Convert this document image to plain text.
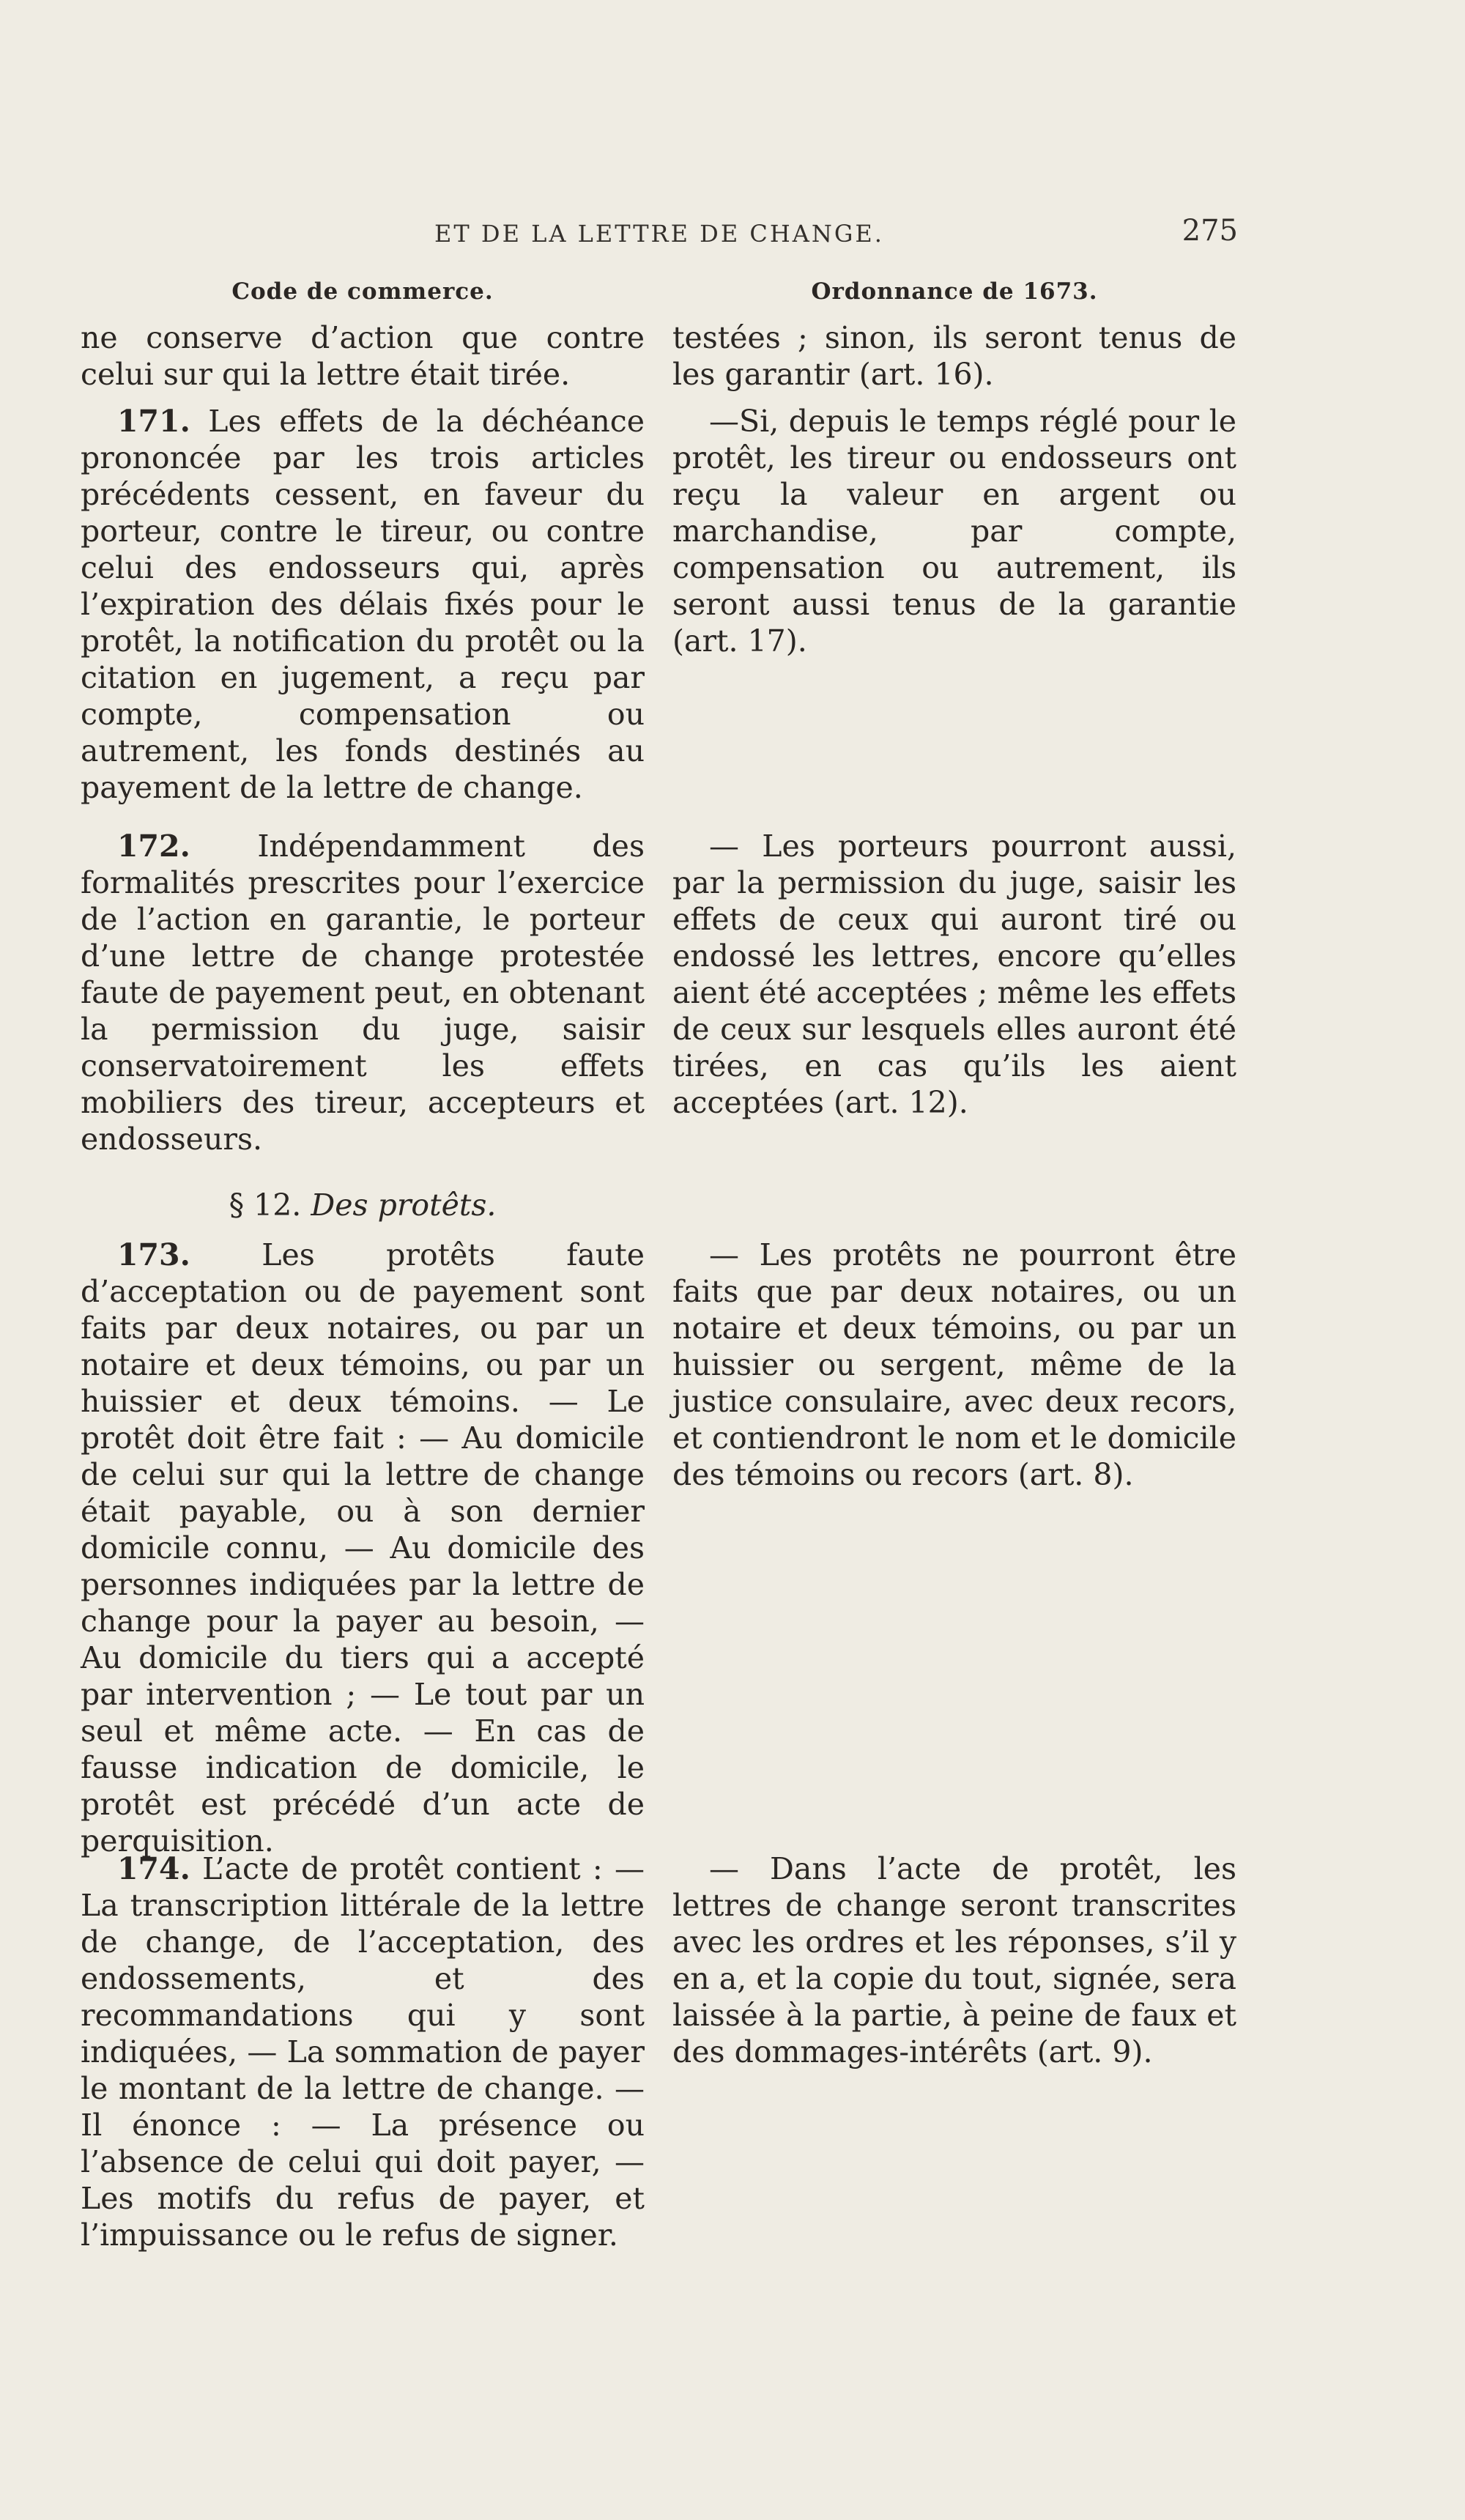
ET DE LA LETTRE DE CHANGE.	275
Code de commerce.

ne conserve d’action que contre celui sur qui la lettre était tirée.

171. Les effets de la déchéance prononcée par les trois articles précédents cessent, en faveur du porteur, contre le tireur, ou contre celui des endosseurs qui, après l’expiration des délais fixés pour le protêt, la notification du protêt ou la citation en jugement, a reçu par compte, compensation ou autrement, les fonds destinés au payement de la lettre de change.

172. Indépendamment des formalités prescrites pour l’exercice de l’action en garantie, le porteur d’une lettre de change protestée faute de payement peut, en obtenant la permission du juge, saisir conservatoirement les effets mobiliers des tireur, accepteurs et endosseurs.

§ 12. Des protêts.

173. Les protêts faute d’acceptation ou de payement sont faits par deux notaires, ou par un notaire et deux témoins, ou par un huissier et deux témoins. — Le protêt doit être fait : — Au domicile de celui sur qui la lettre de change était payable, ou à son dernier domicile connu, — Au domicile des personnes indiquées par la lettre de change pour la payer au besoin, — Au domicile du tiers qui a accepté par intervention ; — Le tout par un seul et même acte. — En cas de fausse indication de domicile, le protêt est précédé d’un acte de perquisition.

174. L’acte de protêt contient : — La transcription littérale de la lettre de change, de l’acceptation, des endossements, et des recommandations qui y sont indiquées, — La sommation de payer le montant de la lettre de change. — Il énonce : — La présence ou l’absence de celui qui doit payer, — Les motifs du refus de payer, et l’impuissance ou le refus de signer.

Ordonnance de 1673.

testées ; sinon, ils seront tenus de les garantir (art. 16).

—Si, depuis le temps réglé pour le protêt, les tireur ou endosseurs ont reçu la valeur en argent ou marchandise, par compte, compensation ou autrement, ils seront aussi tenus de la garantie (art. 17).

— Les porteurs pourront aussi, par la permission du juge, saisir les effets de ceux qui auront tiré ou endossé les lettres, encore qu’elles aient été acceptées ; même les effets de ceux sur lesquels elles auront été tirées, en cas qu’ils les aient acceptées (art. 12).

— Les protêts ne pourront être faits que par deux notaires, ou un notaire et deux témoins, ou par un huissier ou sergent, même de la justice consulaire, avec deux recors, et contiendront le nom et le domicile des témoins ou recors (art. 8).

— Dans l’acte de protêt, les lettres de change seront transcrites avec les ordres et les réponses, s’il y en a, et la copie du tout, signée, sera laissée à la partie, à peine de faux et des dommages-intérêts (art. 9).
